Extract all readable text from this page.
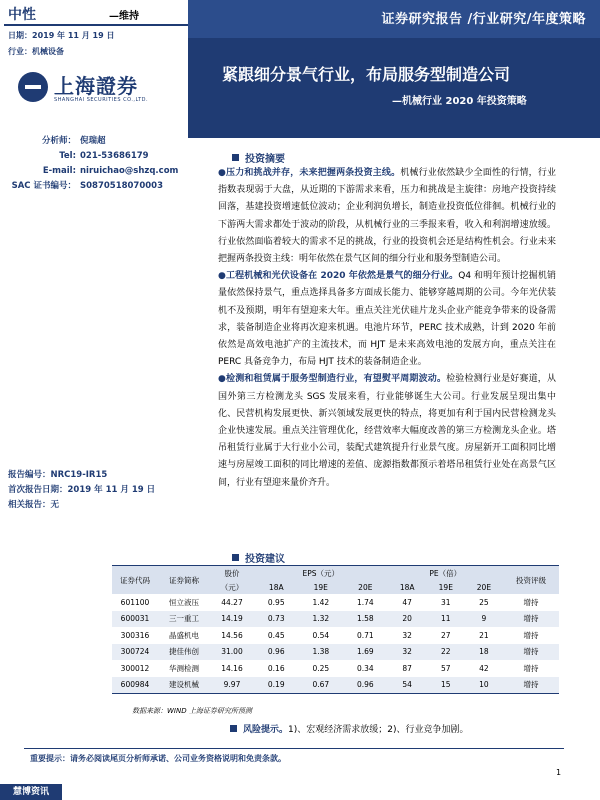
中性	—维持
日期：2019 年 11 月 19 日
行业：机械设备
上海證券
SHANGHAI SECURITIES CO.,LTD.
证券研究报告 /行业研究/年度策略
紧跟细分景气行业，布局服务型制造公司
—机械行业 2020 年投资策略
分析师： 倪瑞超
Tel: 021-53686179
E-mail: niruichao@shzq.com
SAC 证书编号： S0870518070003
报告编号：NRC19-IR15
首次报告日期：2019 年 11 月 19 日
相关报告：无
投资摘要

●压力和挑战并存，未来把握两条投资主线。机械行业依然缺少全面性的行情，行业指数表现弱于大盘，从近期的下游需求来看，压力和挑战是主旋律：房地产投资持续回落，基建投资增速低位波动；企业利润负增长，制造业投资低位徘徊。机械行业的下游两大需求都处于波动的阶段，从机械行业的三季报来看，收入和利润增速放缓。行业依然面临着较大的需求不足的挑战，行业的投资机会还是结构性机会。行业未来把握两条投资主线：明年依然在景气区间的细分行业和服务型制造公司。

●工程机械和光伏设备在 2020 年依然是景气的细分行业。Q4 和明年预计挖掘机销量依然保持景气，重点选择具备多方面成长能力、能够穿越周期的公司。今年光伏装机不及预期，明年有望迎来大年。重点关注光伏硅片龙头企业产能竞争带来的设备需求，装备制造企业将再次迎来机遇。电池片环节，PERC 技术成熟，计到 2020 年前依然是高效电池扩产的主流技术，而 HJT 是未来高效电池的发展方向，重点关注在 PERC 具备竞争力，布局 HJT 技术的装备制造企业。

●检测和租赁属于服务型制造行业，有望熨平周期波动。检验检测行业是好赛道，从国外第三方检测龙头 SGS 发展来看，行业能够诞生大公司。行业发展呈现出集中化、民营机构发展更快、新兴领域发展更快的特点，将更加有利于国内民营检测龙头企业快速发展。重点关注管理优化，经营效率大幅度改善的第三方检测龙头企业。塔吊租赁行业属于大行业小公司，装配式建筑提升行业景气度。房屋新开工面积同比增速与房屋竣工面积的同比增速的差值、庞源指数都预示着塔吊租赁行业处在高景气区间，行业有望迎来量价齐升。

投资建议
证券代码	证券简称	股价	EPS（元）			PE（倍）			投资评级
		（元）	18A	19E	20E	18A	19E	20E	
601100	恒立液压	44.27	0.95	1.42	1.74	47	31	25	增持
600031	三一重工	14.19	0.73	1.32	1.58	20	11	9	增持
300316	晶盛机电	14.56	0.45	0.54	0.71	32	27	21	增持
300724	捷佳伟创	31.00	0.96	1.38	1.69	32	22	18	增持
300012	华测检测	14.16	0.16	0.25	0.34	87	57	42	增持
600984	建设机械	9.97	0.19	0.67	0.96	54	15	10	增持
数据来源：WIND 上海证券研究所预测
风险提示。1)、宏观经济需求放缓；2)、行业竞争加剧。
重要提示：请务必阅读尾页分析师承诺、公司业务资格说明和免责条款。
1
慧博资讯
